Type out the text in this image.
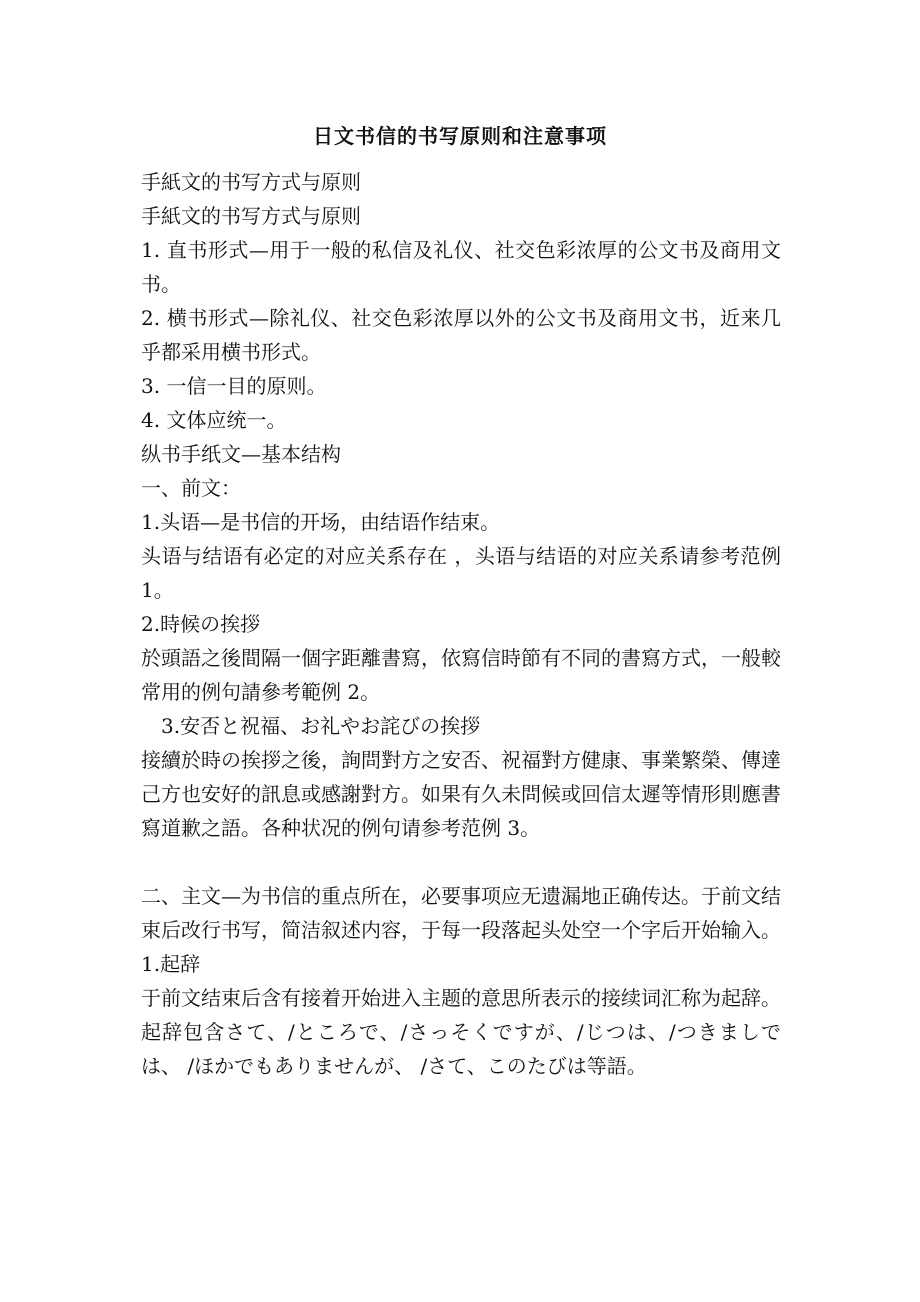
日文书信的书写原则和注意事项

手紙文的书写方式与原则

手紙文的书写方式与原则

1. 直书形式—用于一般的私信及礼仪、社交色彩浓厚的公文书及商用文书。

2. 横书形式—除礼仪、社交色彩浓厚以外的公文书及商用文书，近来几乎都采用横书形式。

3. 一信一目的原则。

4. 文体应统一。

纵书手纸文—基本结构

一、前文：

1.头语—是书信的开场，由结语作结束。

头语与结语有必定的对应关系存在 ，头语与结语的对应关系请参考范例 1。

2.時候の挨拶

於頭語之後間隔一個字距離書寫，依寫信時節有不同的書寫方式，一般較常用的例句請參考範例 2。

3.安否と祝福、お礼やお詫びの挨拶

接續於時の挨拶之後，詢問對方之安否、祝福對方健康、事業繁榮、傳達己方也安好的訊息或感謝對方。如果有久未問候或回信太遲等情形則應書寫道歉之語。各种状况的例句请参考范例 3。

二、主文—为书信的重点所在，必要事项应无遗漏地正确传达。于前文结束后改行书写，简洁叙述内容，于每一段落起头处空一个字后开始输入。

1.起辞

于前文结束后含有接着开始进入主题的意思所表示的接续词汇称为起辞。

起辞包含さて、/ところで、/さっそくですが、/じつは、/つきましでは、 /ほかでもありませんが、 /さて、このたびは等語。
